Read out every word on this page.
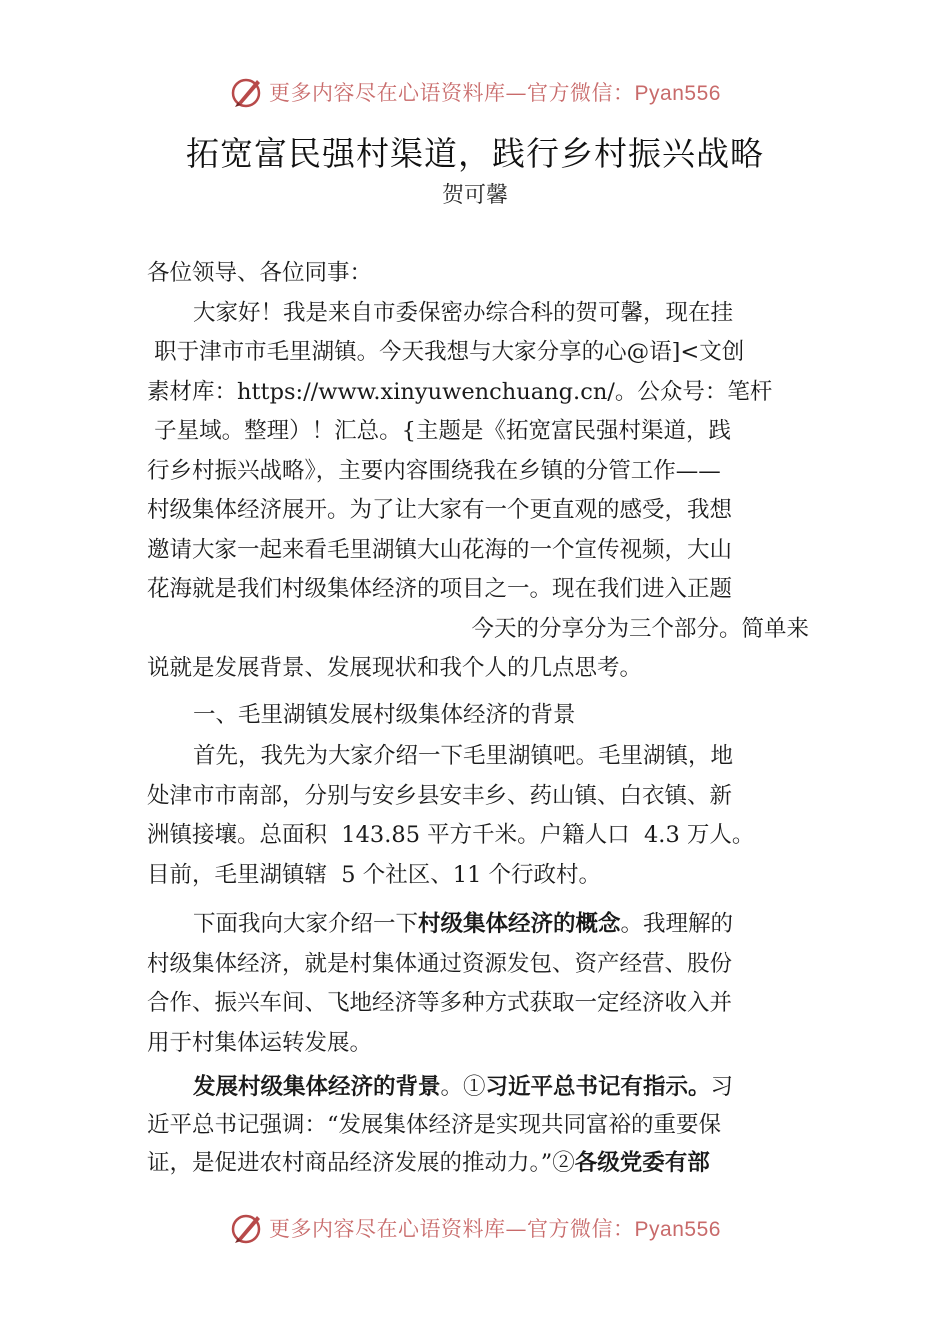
更多内容尽在心语资料库—官方微信：Pyan556
拓宽富民强村渠道，践行乡村振兴战略
贺可馨

各位领导、各位同事：

大家好！我是来自市委保密办综合科的贺可馨，现在挂

职于津市市毛里湖镇。今天我想与大家分享的心@语]<文创

素材库：https://www.xinyuwenchuang.cn/。公众号：笔杆

子星域。整理）！汇总。{主题是《拓宽富民强村渠道，践

行乡村振兴战略》，主要内容围绕我在乡镇的分管工作——

村级集体经济展开。为了让大家有一个更直观的感受，我想

邀请大家一起来看毛里湖镇大山花海的一个宣传视频，大山

花海就是我们村级集体经济的项目之一。现在我们进入正题

今天的分享分为三个部分。简单来

说就是发展背景、发展现状和我个人的几点思考。

一、毛里湖镇发展村级集体经济的背景

首先，我先为大家介绍一下毛里湖镇吧。毛里湖镇，地

处津市市南部，分别与安乡县安丰乡、药山镇、白衣镇、新

洲镇接壤。总面积  143.85 平方千米。户籍人口  4.3 万人。

目前，毛里湖镇辖  5 个社区、11 个行政村。

下面我向大家介绍一下村级集体经济的概念。我理解的

村级集体经济，就是村集体通过资源发包、资产经营、股份

合作、振兴车间、飞地经济等多种方式获取一定经济收入并

用于村集体运转发展。

发展村级集体经济的背景。①习近平总书记有指示。习

近平总书记强调：“发展集体经济是实现共同富裕的重要保

证，是促进农村商品经济发展的推动力。”②各级党委有部

更多内容尽在心语资料库—官方微信：Pyan556
